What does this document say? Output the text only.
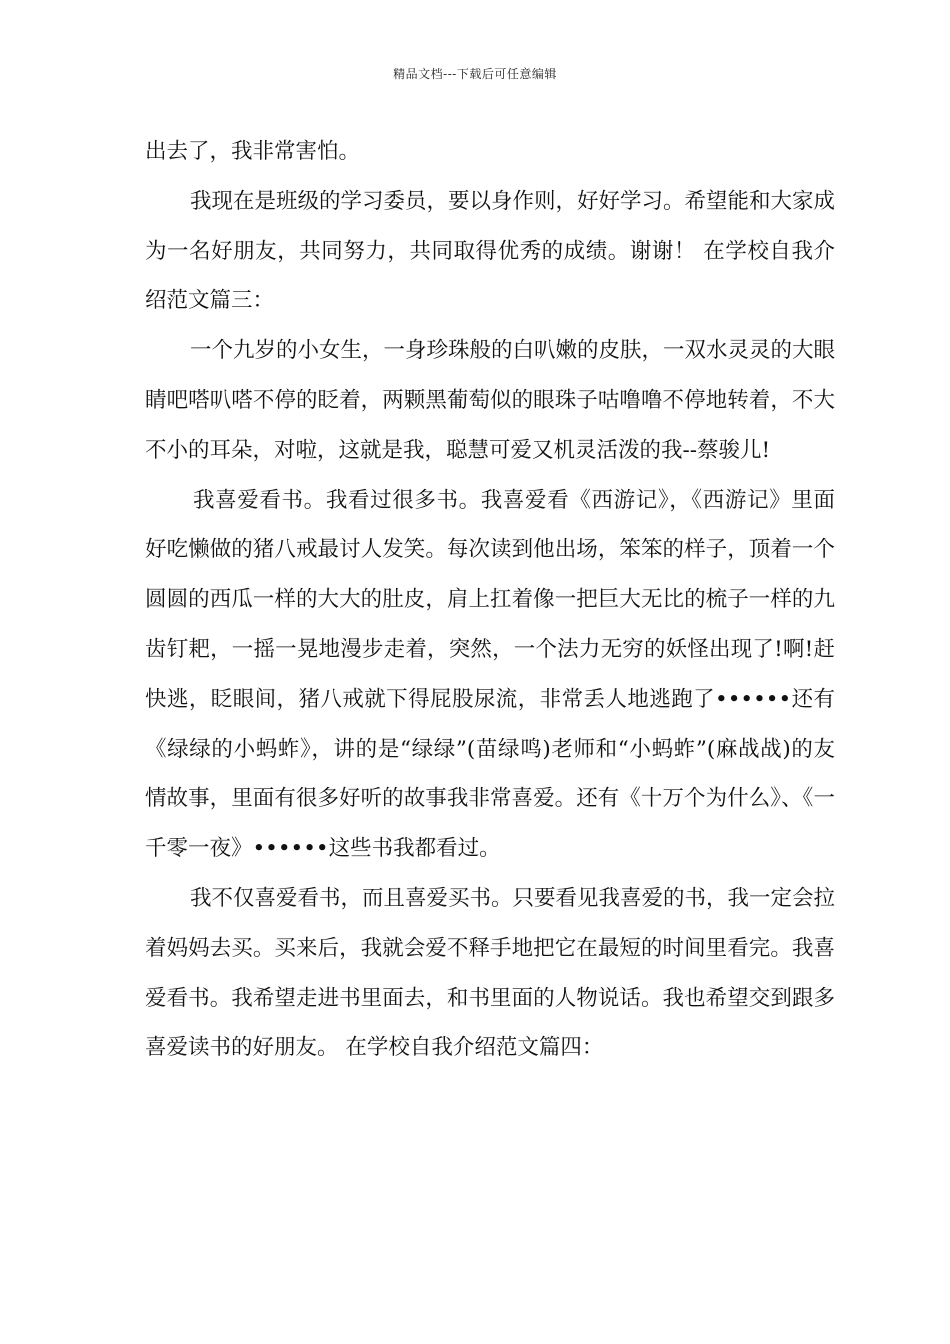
精品文档---下载后可任意编辑

出去了，我非常害怕。

我现在是班级的学习委员，要以身作则，好好学习。希望能和大家成为一名好朋友，共同努力，共同取得优秀的成绩。谢谢！ 在学校自我介绍范文篇三：

一个九岁的小女生，一身珍珠般的白叭嫩的皮肤，一双水灵灵的大眼睛吧嗒叭嗒不停的眨着，两颗黑葡萄似的眼珠子咕噜噜不停地转着，不大不小的耳朵，对啦，这就是我，聪慧可爱又机灵活泼的我--蔡骏儿!

我喜爱看书。我看过很多书。我喜爱看《西游记》，《西游记》里面好吃懒做的猪八戒最讨人发笑。每次读到他出场，笨笨的样子，顶着一个圆圆的西瓜一样的大大的肚皮，肩上扛着像一把巨大无比的梳子一样的九齿钉耙，一摇一晃地漫步走着，突然，一个法力无穷的妖怪出现了!啊!赶快逃，眨眼间，猪八戒就下得屁股尿流，非常丢人地逃跑了••••••还有《绿绿的小蚂蚱》，讲的是“绿绿”(苗绿鸣)老师和“小蚂蚱”(麻战战)的友情故事，里面有很多好听的故事我非常喜爱。还有《十万个为什么》、《一千零一夜》••••••这些书我都看过。

我不仅喜爱看书，而且喜爱买书。只要看见我喜爱的书，我一定会拉着妈妈去买。买来后，我就会爱不释手地把它在最短的时间里看完。我喜爱看书。我希望走进书里面去，和书里面的人物说话。我也希望交到跟多喜爱读书的好朋友。 在学校自我介绍范文篇四：
